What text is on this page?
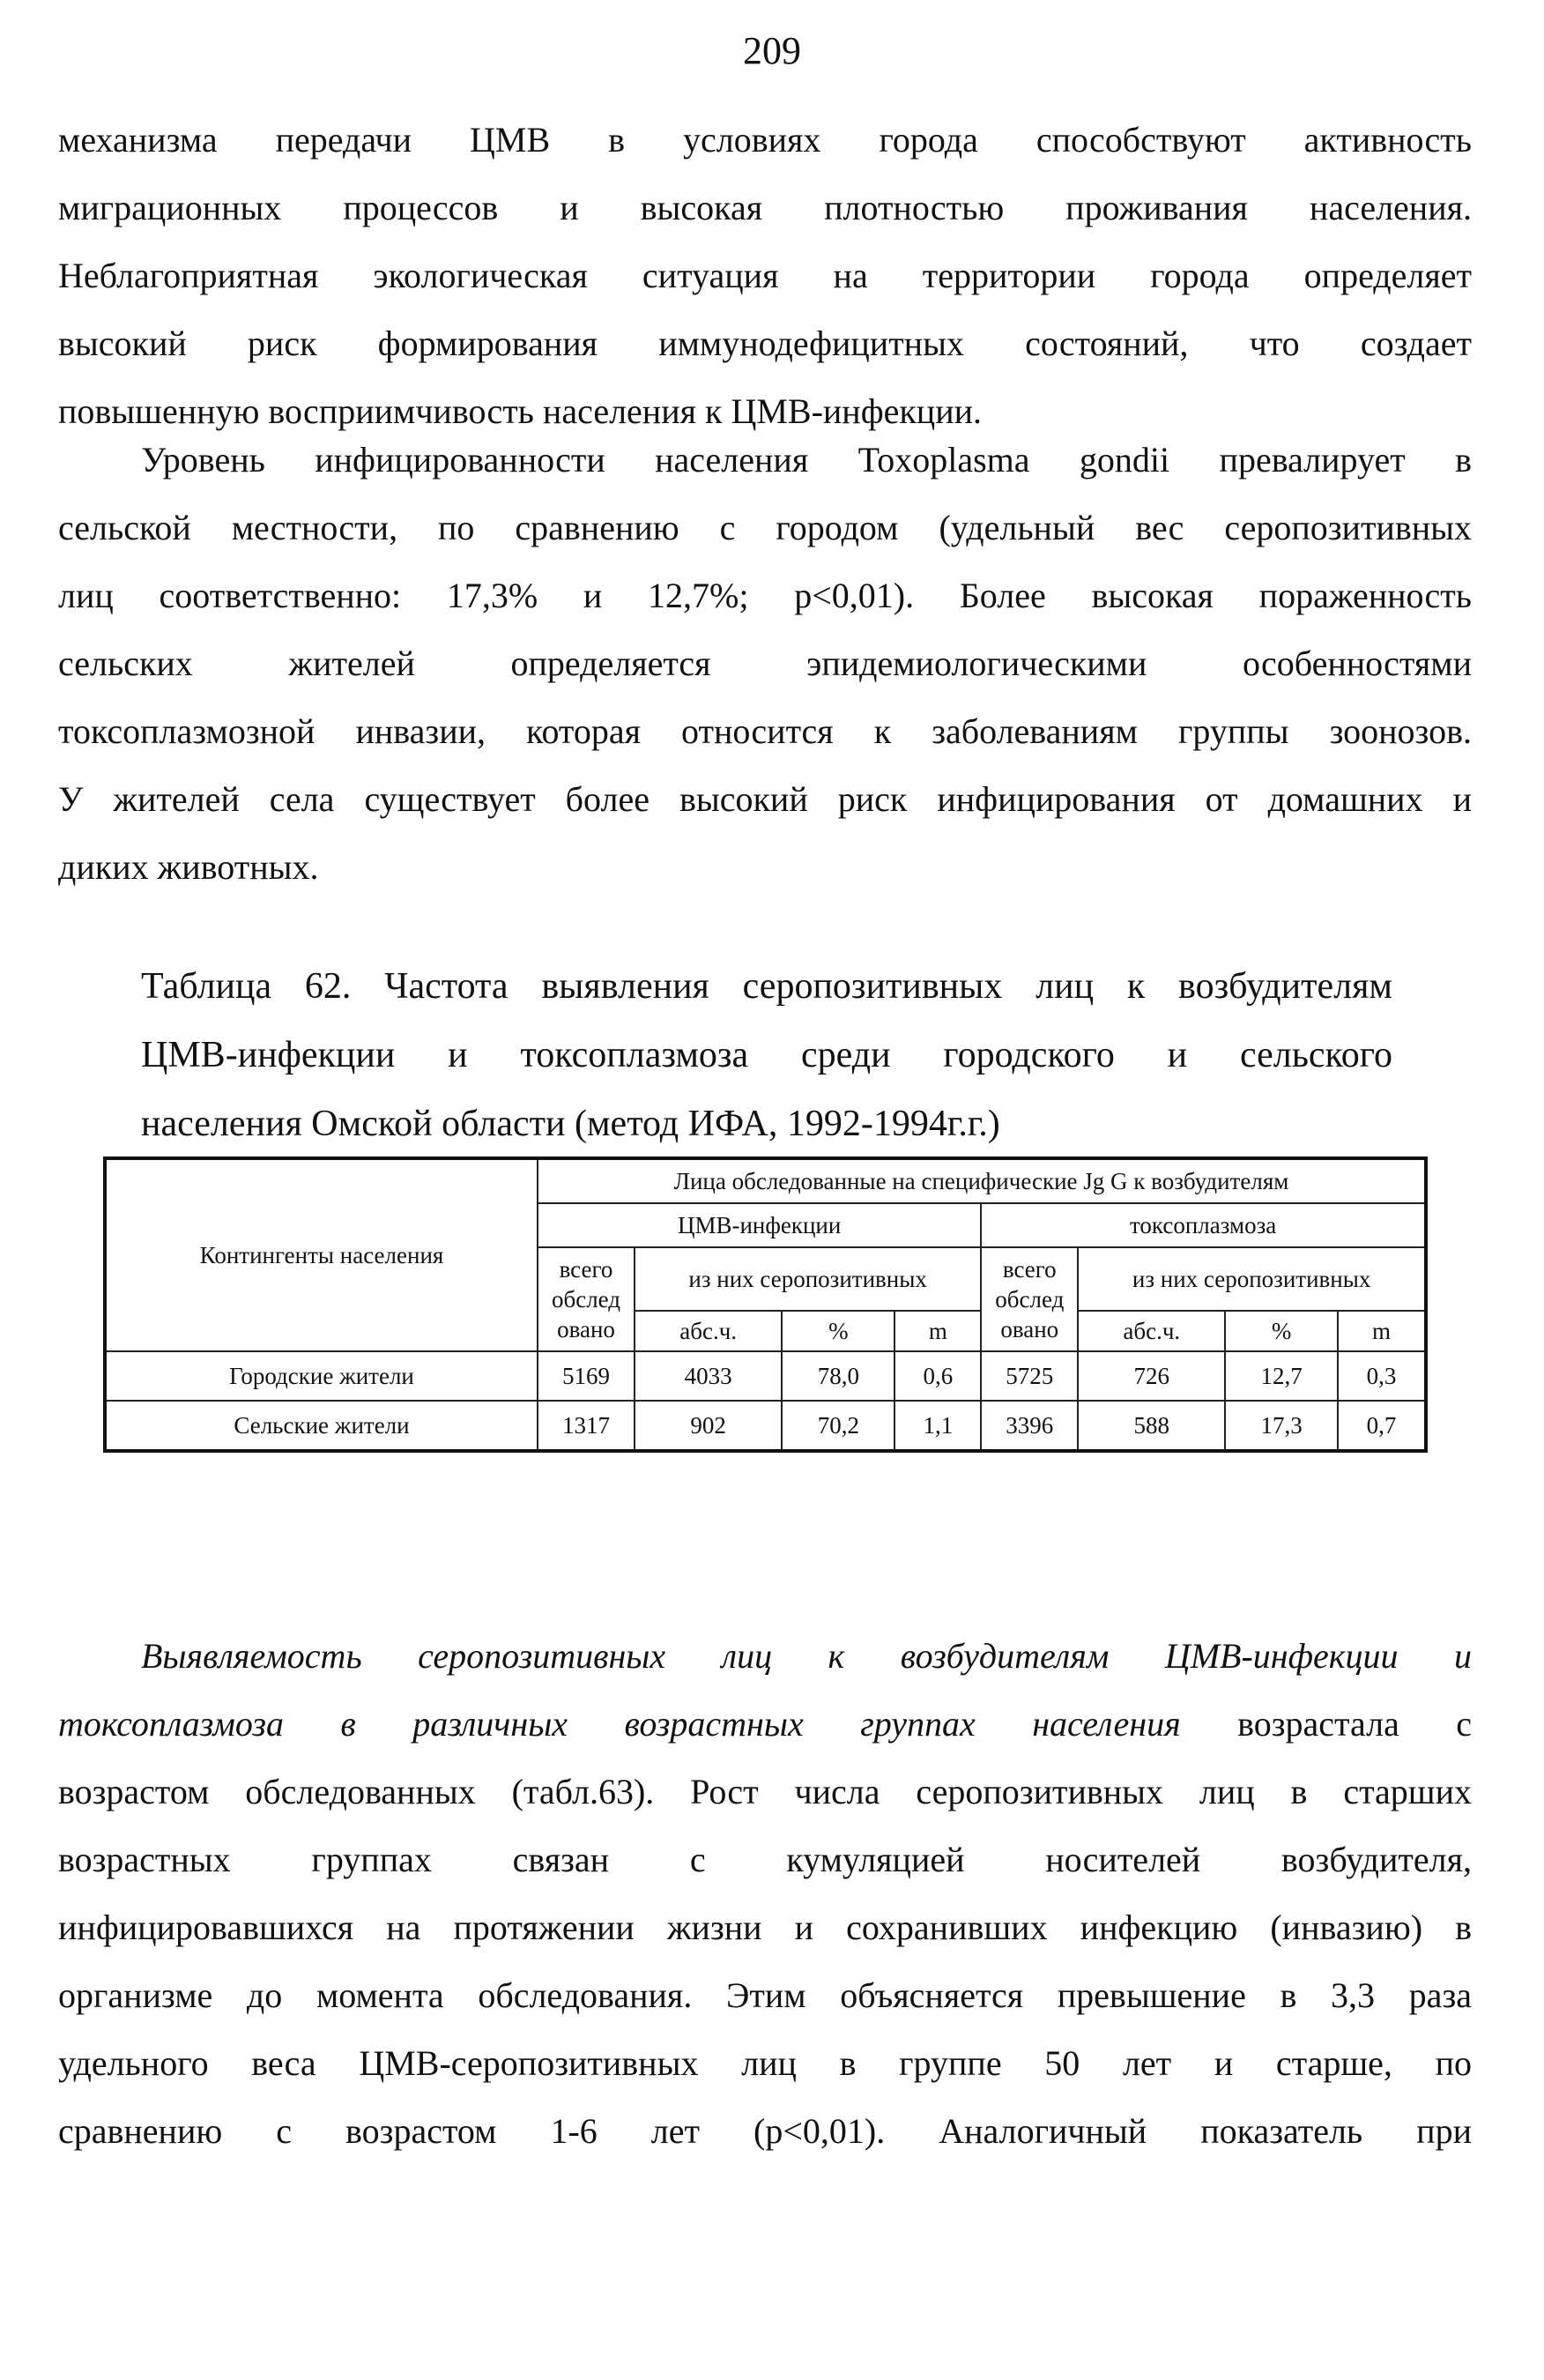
209

механизма передачи ЦМВ в условиях города способствуют активность
миграционных процессов и высокая плотностью проживания населения.
Неблагоприятная экологическая ситуация на территории города определяет
высокий риск формирования иммунодефицитных состояний, что создает
повышенную восприимчивость населения к ЦМВ-инфекции.

Уровень инфицированности населения Toxoplasma gondii превалирует в
сельской местности, по сравнению с городом (удельный вес серопозитивных
лиц соответственно: 17,3% и 12,7%; p<0,01). Более высокая пораженность
сельских жителей определяется эпидемиологическими особенностями
токсоплазмозной инвазии, которая относится к заболеваниям группы зоонозов.
У жителей села существует более высокий риск инфицирования от домашних и
диких животных.

Таблица 62. Частота выявления серопозитивных лиц к возбудителям
ЦМВ-инфекции и токсоплазмоза среди городского и сельского
населения Омской области (метод ИФА, 1992-1994г.г.)

Контингенты населения	Лица обследованные на специфические Jg G к возбудителям							
	ЦМВ-инфекции				токсоплазмоза			
	всего обслед овано	из них серопозитивных			всего обслед овано	из них серопозитивных		
		абс.ч.	%	m		абс.ч.	%	m
Городские жители	5169	4033	78,0	0,6	5725	726	12,7	0,3
Сельские жители	1317	902	70,2	1,1	3396	588	17,3	0,7

Выявляемость серопозитивных лиц к возбудителям ЦМВ-инфекции и
токсоплазмоза в различных возрастных группах населения возрастала с
возрастом обследованных (табл.63). Рост числа серопозитивных лиц в старших
возрастных группах связан с кумуляцией носителей возбудителя,
инфицировавшихся на протяжении жизни и сохранивших инфекцию (инвазию) в
организме до момента обследования. Этим объясняется превышение в 3,3 раза
удельного веса ЦМВ-серопозитивных лиц в группе 50 лет и старше, по
сравнению с возрастом 1-6 лет (p<0,01). Аналогичный показатель при
